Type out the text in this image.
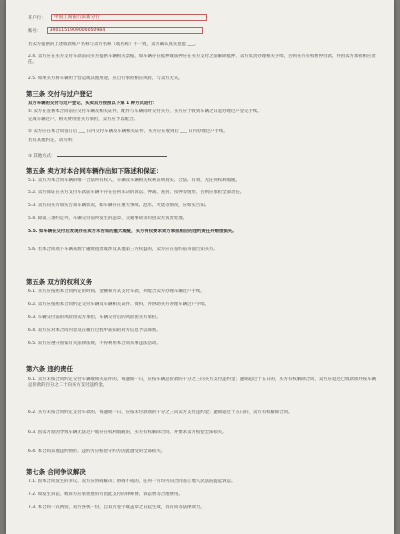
开户行： 中国工商银行滨新分行
账号： 3901151909000050984
若卖方提供的上述收款账户名称与卖方名称（或名称）不一致，卖方确认真实意愿 ___。
2.4. 卖方应在买方支付车款前向买方提供车辆相关票据，如车辆存在抵押或质押应在买方支付之前解除抵押，卖方负责办理相关手续，否则买方有权暂停付款，并由卖方承担相应责任。
2.5. 如果买方将车辆用于营运或其他用途，应自行承担相应风险，与卖方无关。
第三条 交付与过户登记
双方车辆的交付与过户登记，买卖双方按照以下第 1 种方式进行：
① 卖方在签署本合同前应交付车辆及相关证件，配件与车辆同时交付买方，买方应于收到车辆之日起办理过户登记手续。
完成车辆过户，相关费用由买方承担，卖方应予以配合。
② 卖方应在本合同签订后 ___ 日内交付车辆及车辆相关证件，买方应在收到后 ___ 日内办理过户手续。
若有其他约定，请写明：
③ 其他方式：
第五条 卖方对本合同车辆作出如下陈述和保证：
5.1. 卖方为本合同车辆的唯一合法所有权人，车辆及车辆相关权利证明真实、合法、有效，无任何权利瑕疵。
5.2. 卖方保证在买方支付车款前车辆不存在任何未决的诉讼、仲裁、查封、扣押等情形，否则应承担全部责任。
5.3. 卖方向买方如实告知车辆状况，如车辆存在重大事故、泡水、火烧等情况，应如实告知。
5.4. 除第三条约定外，车辆交付前所发生的违章、交通事故等均由卖方负责处理。
5.5. 如车辆在交付后发现存在卖方未告知的重大瑕疵，买方有权要求卖方承担相应的违约责任并赔偿损失。
5.6. 若本合同项下车辆来源于融资租赁或涉及其他第三方权益的，卖方应在签约前书面告知买方。
第五条 双方的权利义务
6.1. 买方应按照本合同约定的时间、金额和方式支付车款，并配合卖方办理车辆过户手续。
6.2. 卖方应按照本合同约定交付车辆及车辆相关证件、资料，并协助买方办理车辆过户手续。
6.3. 车辆交付前的风险由卖方承担，车辆交付后的风险由买方承担。
6.4. 双方应对本合同内容及在履行过程中获知的对方信息予以保密。
6.5. 双方应遵守国家有关法律法规，不得利用本合同从事违法活动。
第六条 违约责任
6.1. 卖方未按合同约定交付车辆或相关证件的，每逾期一日，应按车辆总价款的千分之三向买方支付违约金；逾期超过十五日的，买方有权解除合同，卖方应返还已收款项并按车辆总价款的百分之二十向买方支付违约金。
6.2. 买方未按合同约定支付车款的，每逾期一日，应按未付款项的千分之三向卖方支付违约金；逾期超过十五日的，卖方有权解除合同。
6.3. 因卖方原因导致车辆无法过户或存在权利瑕疵的，买方有权解除合同，并要求卖方赔偿全部损失。
6.4. 本合同其他违约情形，违约方应赔偿守约方因此遭受的全部损失。
第七条 合同争议解决
7.1. 因本合同发生的争议，双方应协商解决；协商不成的，任何一方均可向合同签订地人民法院提起诉讼。
7.2. 如发生诉讼，败诉方应承担胜诉方因此支付的律师费、诉讼费等合理费用。
7.3. 本合同一式两份，双方各执一份，自双方签字或盖章之日起生效，具有同等法律效力。
